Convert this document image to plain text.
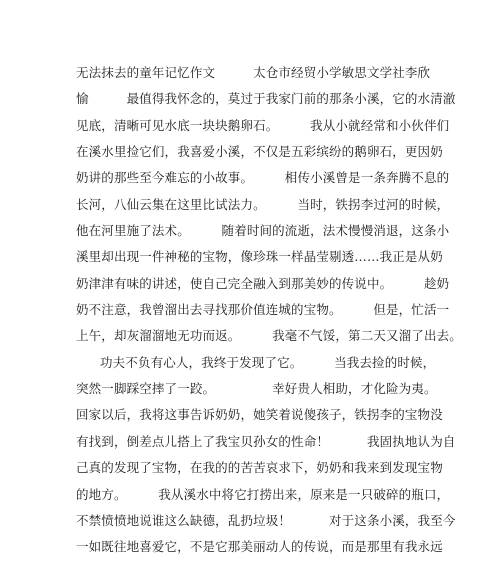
无法抹去的童年记忆作文　　　太仓市经贸小学敏思文学社李欣
愉　　　最值得我怀念的，莫过于我家门前的那条小溪，它的水清澈
见底，清晰可见水底一块块鹅卵石。　　　我从小就经常和小伙伴们
在溪水里捡它们，我喜爱小溪，不仅是五彩缤纷的鹅卵石，更因奶
奶讲的那些至今难忘的小故事。　　　相传小溪曾是一条奔腾不息的
长河，八仙云集在这里比试法力。　　　当时，铁拐李过河的时候，
他在河里施了法术。　　　随着时间的流逝，法术慢慢消退，这条小
溪里却出现一件神秘的宝物，像珍珠一样晶莹剔透……我正是从奶
奶津津有味的讲述，使自己完全融入到那美妙的传说中。　　　趁奶
奶不注意，我曾溜出去寻找那价值连城的宝物。　　　但是，忙活一
上午，却灰溜溜地无功而返。　　　我毫不气馁，第二天又溜了出去。
功夫不负有心人，我终于发现了它。　　　当我去捡的时候，
突然一脚踩空摔了一跤。　　　　　幸好贵人相助，才化险为夷。
回家以后，我将这事告诉奶奶，她笑着说傻孩子，铁拐李的宝物没
有找到，倒差点儿搭上了我宝贝孙女的性命！　　　我固执地认为自
己真的发现了宝物，在我的的苦苦哀求下，奶奶和我来到发现宝物
的地方。　　　我从溪水中将它打捞出来，原来是一只破碎的瓶口，
不禁愤愤地说谁这么缺德，乱扔垃圾！　　　对于这条小溪，我至今
一如既往地喜爱它，不是它那美丽动人的传说，而是那里有我永远
